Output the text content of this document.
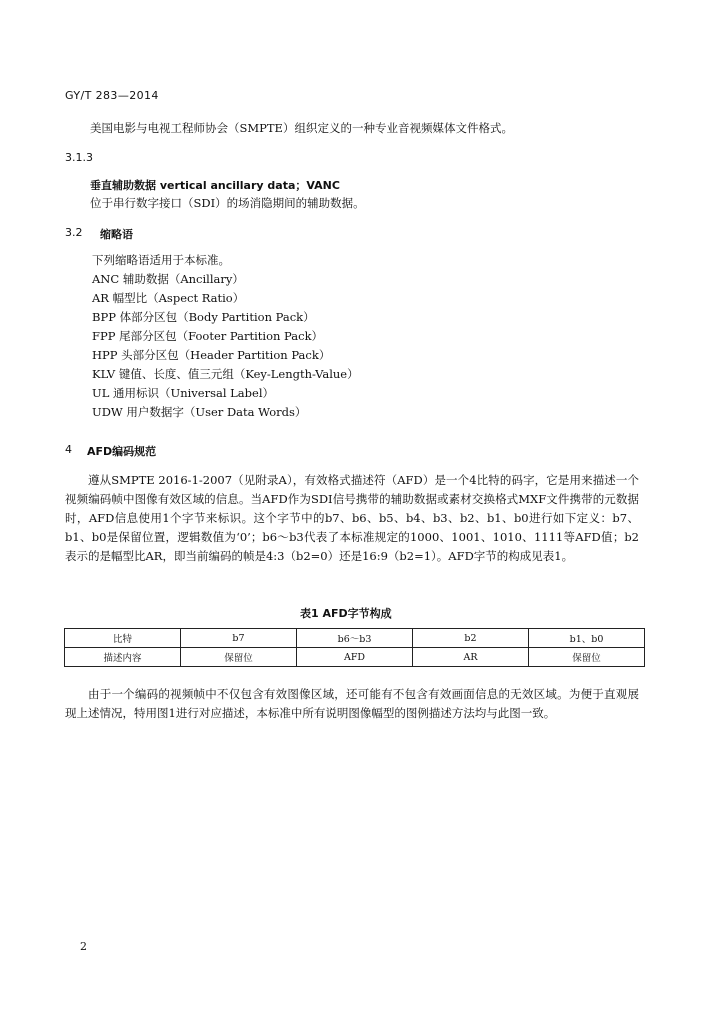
GY/T 283—2014
美国电影与电视工程师协会（SMPTE）组织定义的一种专业音视频媒体文件格式。
3.1.3
垂直辅助数据 vertical ancillary data；VANC
位于串行数字接口（SDI）的场消隐期间的辅助数据。
3.2 缩略语
下列缩略语适用于本标准。
ANC 辅助数据（Ancillary）
AR 幅型比（Aspect Ratio）
BPP 体部分区包（Body Partition Pack）
FPP 尾部分区包（Footer Partition Pack）
HPP 头部分区包（Header Partition Pack）
KLV 键值、长度、值三元组（Key-Length-Value）
UL 通用标识（Universal Label）
UDW 用户数据字（User Data Words）
4 AFD编码规范
遵从SMPTE 2016-1-2007（见附录A），有效格式描述符（AFD）是一个4比特的码字，它是用来描述一个视频编码帧中图像有效区域的信息。当AFD作为SDI信号携带的辅助数据或素材交换格式MXF文件携带的元数据时，AFD信息使用1个字节来标识。这个字节中的b7、b6、b5、b4、b3、b2、b1、b0进行如下定义：b7、b1、b0是保留位置，逻辑数值为‘0’；b6～b3代表了本标准规定的1000、1001、1010、1111等AFD值；b2表示的是幅型比AR，即当前编码的帧是4:3（b2=0）还是16:9（b2=1）。AFD字节的构成见表1。
表1 AFD字节构成
比特	b7	b6～b3	b2	b1、b0
描述内容	保留位	AFD	AR	保留位
由于一个编码的视频帧中不仅包含有效图像区域，还可能有不包含有效画面信息的无效区域。为便于直观展现上述情况，特用图1进行对应描述，本标准中所有说明图像幅型的图例描述方法均与此图一致。
2
